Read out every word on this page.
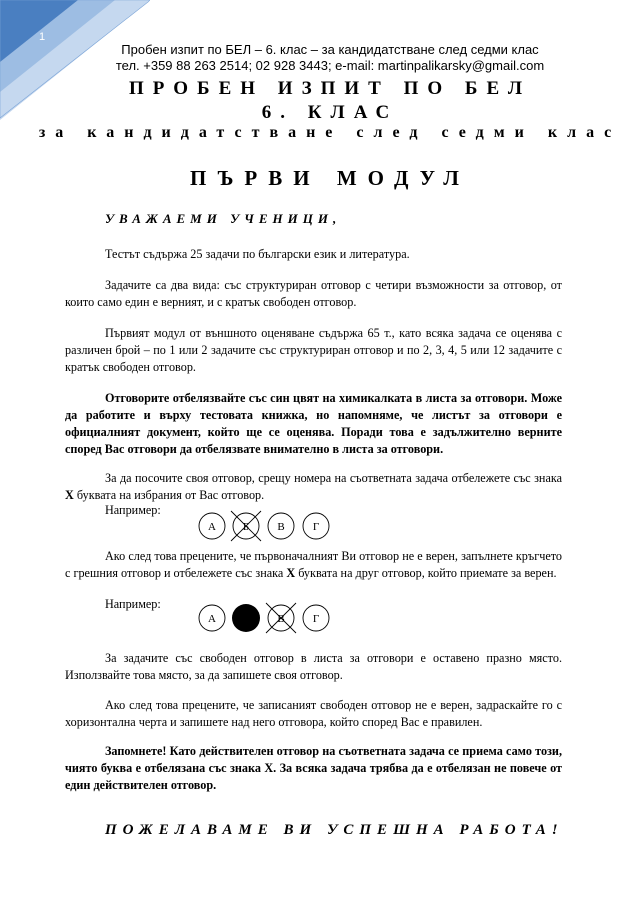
1
Пробен изпит по БЕЛ – 6. клас – за кандидатстване след седми клас
тел. +359 88 263 2514; 02 928 3443; e-mail: martinpalikarsky@gmail.com
ПРОБЕН ИЗПИТ ПО БЕЛ
6. КЛАС
за кандидатстване след седми клас
ПЪРВИ МОДУЛ
УВАЖАЕМИ УЧЕНИЦИ,

Тестът съдържа 25 задачи по български език и литература.

Задачите са два вида: със структуриран отговор с четири възможности за отговор, от които само един е верният, и с кратък свободен отговор.

Първият модул от външното оценяване съдържа 65 т., като всяка задача се оценява с различен брой – по 1 или 2 задачите със структуриран отговор и по 2, 3, 4, 5 или 12 задачите с кратък свободен отговор.

Отговорите отбелязвайте със син цвят на химикалката в листа за отговори. Може да работите и върху тестовата книжка, но напомняме, че листът за отговори е официалният документ, който ще се оценява. Поради това е задължително верните според Вас отговори да отбелязвате внимателно в листа за отговори.

За да посочите своя отговор, срещу номера на съответната задача отбележете със знака Х буквата на избрания от Вас отговор.

Например:
А Б	В	Г

Ако след това прецените, че първоначалният Ви отговор не е верен, запълнете кръгчето с грешния отговор и отбележете със знака Х буквата на друг отговор, който приемате за верен.

Например:
А	В	Г

За задачите със свободен отговор в листа за отговори е оставено празно място. Използвайте това място, за да запишете своя отговор.

Ако след това прецените, че записаният свободен отговор не е верен, задраскайте го с хоризонтална черта и запишете над него отговора, който според Вас е правилен.

Запомнете! Като действителен отговор на съответната задача се приема само този, чиято буква е отбелязана със знака Х. За всяка задача трябва да е отбелязан не повече от един действителен отговор.

ПОЖЕЛАВАМЕ ВИ УСПЕШНА РАБОТА!
